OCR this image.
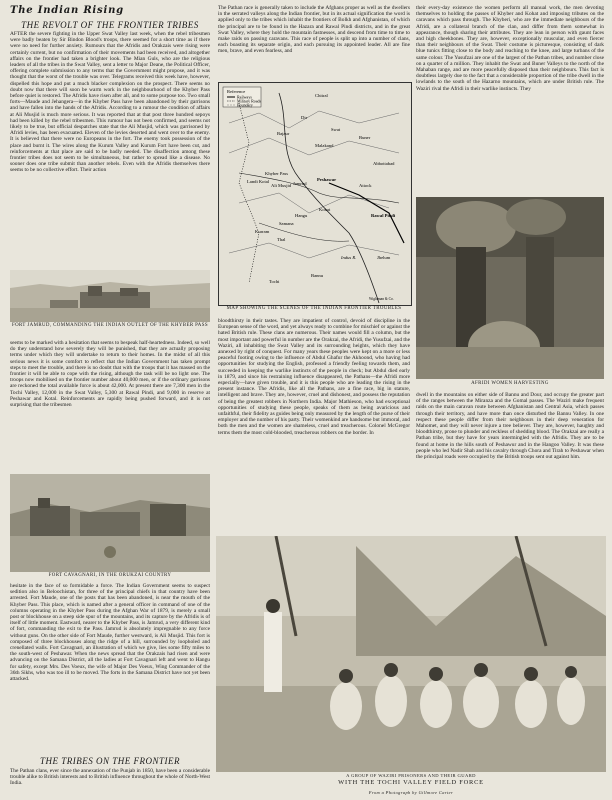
The Indian Rising
THE REVOLT OF THE FRONTIER TRIBES

AFTER the severe fighting in the Upper Swat Valley last week, when the rebel tribesmen were badly beaten by Sir Bindon Blood's troops, there seemed for a short time as if there were no need for further anxiety. Rumours that the Afridis and Orakzais were rising were certainly current, but no confirmation of their movements had been received, and altogether affairs on the frontier had taken a brighter look. The Mian Guls, who are the religious leaders of all the tribes in the Swat Valley, sent a letter to Major Deane, the Political Officer, offering complete submission to any terms that the Government might propose, and it was thought that the worst of the trouble was over. Telegrams received this week have, however, dispelled this hope and put a much blacker complexion on the prospect. There seems no doubt now that there will soon be warm work in the neighbourhood of the Khyber Pass before quiet is restored. The Afridis have risen after all, and to some purpose too. Two small forts—Maude and Jehangera—in the Khyber Pass have been abandoned by their garrisons and have fallen into the hands of the Afridis. According to a rumour the condition of affairs at Ali Musjid is much more serious. It was reported that at that post three hundred sepoys had been killed by the rebel tribesmen. This rumour has not been confirmed, and seems not likely to be true, but official despatches state that the Ali Musjid, which was garrisoned by Afridi levies, has been evacuated. Eleven of the levies deserted and went over to the enemy. It is believed that there were no Europeans in the fort. The enemy took possession of the place and burnt it. The wires along the Kurum Valley and Kurum Fort have been cut, and reinforcements at that place are said to be badly needed. The disaffection among these frontier tribes does not seem to be simultaneous, but rather to spread like a disease. No sooner does one tribe submit than another rebels. Even with the Afridis themselves there seems to be no collective effort. Their action

FORT JAMRUD, COMMANDING THE INDIAN OUTLET OF THE KHYBER PASS

seems to be marked with a hesitation that seems to bespeak half-heartedness. Indeed, so well do they understand how severely they will be punished, that they are actually proposing terms under which they will undertake to return to their homes. In the midst of all this serious news it is some comfort to reflect that the Indian Government has taken prompt steps to meet the trouble, and there is no doubt that with the troops that it has massed on the frontier it will be able to cope with the rising, although the task will be no light one. The troops now mobilised on the frontier number about 40,000 men, or if the ordinary garrisons are reckoned the total available force is about 42,000. At present there are 7,300 men in the Tochi Valley, 12,000 in the Swat Valley, 5,300 at Rawal Pindi, and 9,000 in reserve at Peshawar and Kotal. Reinforcements are rapidly being pushed forward, and it is not surprising that the tribesmen

FORT CAVAGNARI, IN THE ORUKZAI COUNTRY

hesitate in the face of so formidable a force. The Indian Government seems to suspect sedition also in Beloochistan, for three of the principal chiefs in that country have been arrested. Fort Maude, one of the posts that has been abandoned, is near the mouth of the Khyber Pass. This place, which is named after a general officer in command of one of the columns operating in the Khyber Pass during the Afghan War of 1879, is merely a small post or blockhouse on a steep side spur of the mountains, and its capture by the Afridis is of itself of little moment. Eastward, nearer to the Khyber Pass, is Jamrud, a very different kind of fort, commanding the exit to the Pass. Jamrud is absolutely impregnable to any force without guns. On the other side of Fort Maude, further westward, is Ali Musjid. This fort is composed of three blockhouses along the ridge of a hill, surrounded by loopholed and crenellated walls. Fort Cavagnari, an illustration of which we give, lies some fifty miles to the south-west of Peshawar. When the news spread that the Orakzais had risen and were advancing on the Samana District, all the ladies at Fort Cavagnari left and went to Hangu for safety, except Mrs. Des Voeux, the wife of Major Des Voeux, Wing Commander of the 36th Sikhs, who was too ill to be moved. The forts in the Samana District have not yet been attacked.

THE TRIBES ON THE FRONTIER

The Pathan clans, ever since the annexation of the Punjab in 1850, have been a considerable trouble alike to British interests and to British influence throughout the whole of North-West India.

The Pathan race is generally taken to include the Afghans proper as well as the dwellers in the serrated valleys along the Indian frontier, but in its actual signification the word is applied only to the tribes which inhabit the frontiers of Bolkh and Afghanistan, of which the principal are to be found in the Hazara and Rawal Pindi districts, and in the great Swat Valley, where they hold the mountain fastnesses, and descend from time to time to make raids on passing caravans. This race of people is split up into a number of clans, each boasting its separate origin, and each pursuing its appointed leader. All are fine men, brave, and even fearless, and

Reference
Railways
Military Roads
Boundary
Chitral
Dir
Swat
Buner
Bajaur
Malakand
Peshawar
Kohat
Khyber Pass
Jamrud
Ali Musjid
Landi Kotal
Hangu
Samana
Kurram
Thal
Bannu
Tochi
Attock
Rawal Pindi
Abbottabad
Jhelum
Indus R.
Wightman & Co.
MAP SHOWING THE SCENES OF THE INDIAN FRONTIER TROUBLES

their every-day existence the women perform all manual work, the men devoting themselves to holding the passes of Khyber and Kohat and imposing tributes on the caravans which pass through. The Khyberi, who are the immediate neighbours of the Afridi, are a collateral branch of the clan, and differ from them somewhat in appearance, though sharing their attributes. They are lean in person with gaunt faces and high cheekbones. They are, however, exceptionally muscular, and even fiercer than their neighbours of the Swat. Their costume is picturesque, consisting of dark blue tunics fitting close to the body and reaching to the knee, and large turbans of the same colour. The Yusufzai are one of the largest of the Pathan tribes, and number close on a quarter of a million. They inhabit the Swat and Buner Valleys to the north of the Mahaban range, and are more peacefully disposed than their neighbours. This fact is doubtless largely due to the fact that a considerable proportion of the tribe dwell in the lowlands to the south of the Hazarno mountains, which are under British rule. The Waziri rival the Afridi in their warlike instincts. They

AFRIDI WOMEN HARVESTING

bloodthirsty in their tastes. They are impatient of control, devoid of discipline in the European sense of the word, and yet always ready to combine for mischief or against the hated British rule. These clans are numerous. Their names would fill a column, but the most important and powerful in number are the Orakzai, the Afridi, the Yusufzai, and the Waziri, all inhabiting the Swat Valley and its surrounding heights, which they have annexed by right of conquest. For many years these peoples were kept on a more or less peaceful footing owing to the influence of Abdul Ghafur the Akhoond, who having had opportunities for studying the English, professed a friendly feeling towards them, and succeeded in keeping the warlike instincts of the people in check; but Abdul died early in 1879, and since his restraining influence disappeared, the Pathans—the Afridi more especially—have given trouble, and it is this people who are leading the rising in the present instance. The Afridis, like all the Pathans, are a fine race, big in stature, intelligent and brave. They are, however, cruel and dishonest, and possess the reputation of being the greatest robbers in Northern India. Major Mathieson, who had exceptional opportunities of studying these people, speaks of them as being avaricious and unfaithful, their fidelity as guides being only measured by the length of the purse of their employer and the number of his party. Their womenkind are handsome but immoral, and both the men and the women are shameless, cruel and treacherous. Colonel McGregor terms them the most cold-blooded, treacherous robbers on the border. In

dwell in the mountains on either side of Bannu and Dour, and occupy the greater part of the ranges between the Miranza and the Gomal passes. The Waziri make frequent raids on the main caravan route between Afghanistan and Central Asia, which passes through their territory, and have more than once disturbed the Bannu Valley. In one respect these people differ from their neighbours in their deep veneration for Mahomet, and they will never injure a tree believer. They are, however, haughty and bloodthirsty, prone to plunder and reckless of shedding blood. The Orakzai are really a Pathan tribe, but they have for years intermingled with the Afridis. They are to be found at home in the hills south of Peshawur and in the Hangoo Valley. It was these people who led Nadir Shah and his cavalry through Chora and Tirah to Peshawar when the principal roads were occupied by the British troops sent out against him.

A GROUP OF WAZIRI PRISONERS AND THEIR GUARD
WITH THE TOCHI VALLEY FIELD FORCE
From a Photograph by Gillmore Carter
